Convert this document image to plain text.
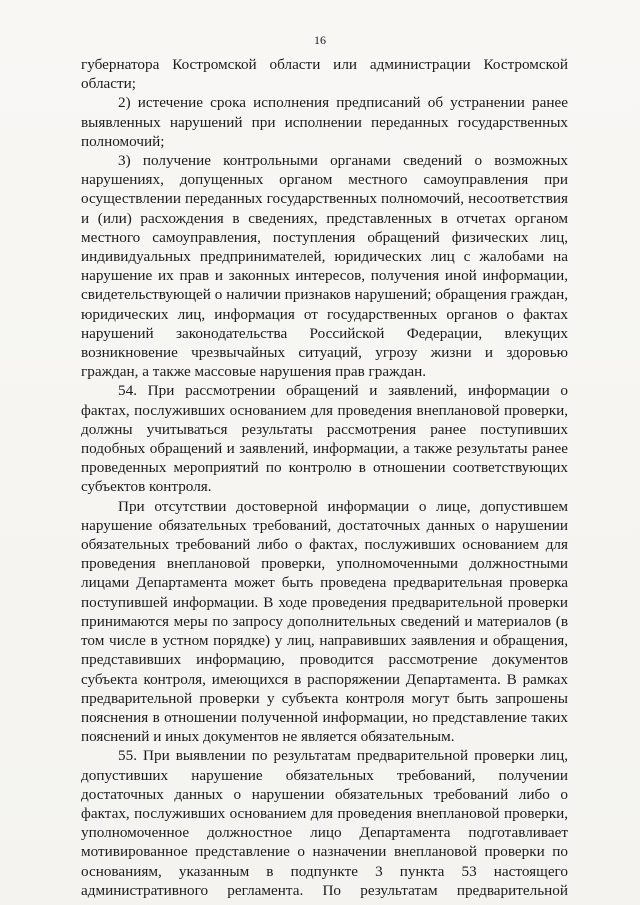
16

губернатора Костромской области или администрации Костромской области;

2) истечение срока исполнения предписаний об устранении ранее выявленных нарушений при исполнении переданных государственных полномочий;

3) получение контрольными органами сведений о возможных нарушениях, допущенных органом местного самоуправления при осуществлении переданных государственных полномочий, несоответствия и (или) расхождения в сведениях, представленных в отчетах органом местного самоуправления, поступления обращений физических лиц, индивидуальных предпринимателей, юридических лиц с жалобами на нарушение их прав и законных интересов, получения иной информации, свидетельствующей о наличии признаков нарушений; обращения граждан, юридических лиц, информация от государственных органов о фактах нарушений законодательства Российской Федерации, влекущих возникновение чрезвычайных ситуаций, угрозу жизни и здоровью граждан, а также массовые нарушения прав граждан.

54. При рассмотрении обращений и заявлений, информации о фактах, послуживших основанием для проведения внеплановой проверки, должны учитываться результаты рассмотрения ранее поступивших подобных обращений и заявлений, информации, а также результаты ранее проведенных мероприятий по контролю в отношении соответствующих субъектов контроля.

При отсутствии достоверной информации о лице, допустившем нарушение обязательных требований, достаточных данных о нарушении обязательных требований либо о фактах, послуживших основанием для проведения внеплановой проверки, уполномоченными должностными лицами Департамента может быть проведена предварительная проверка поступившей информации. В ходе проведения предварительной проверки принимаются меры по запросу дополнительных сведений и материалов (в том числе в устном порядке) у лиц, направивших заявления и обращения, представивших информацию, проводится рассмотрение документов субъекта контроля, имеющихся в распоряжении Департамента. В рамках предварительной проверки у субъекта контроля могут быть запрошены пояснения в отношении полученной информации, но представление таких пояснений и иных документов не является обязательным.

55. При выявлении по результатам предварительной проверки лиц, допустивших нарушение обязательных требований, получении достаточных данных о нарушении обязательных требований либо о фактах, послуживших основанием для проведения внеплановой проверки, уполномоченное должностное лицо Департамента подготавливает мотивированное представление о назначении внеплановой проверки по основаниям, указанным в подпункте 3 пункта 53 настоящего административного регламента. По результатам предварительной
